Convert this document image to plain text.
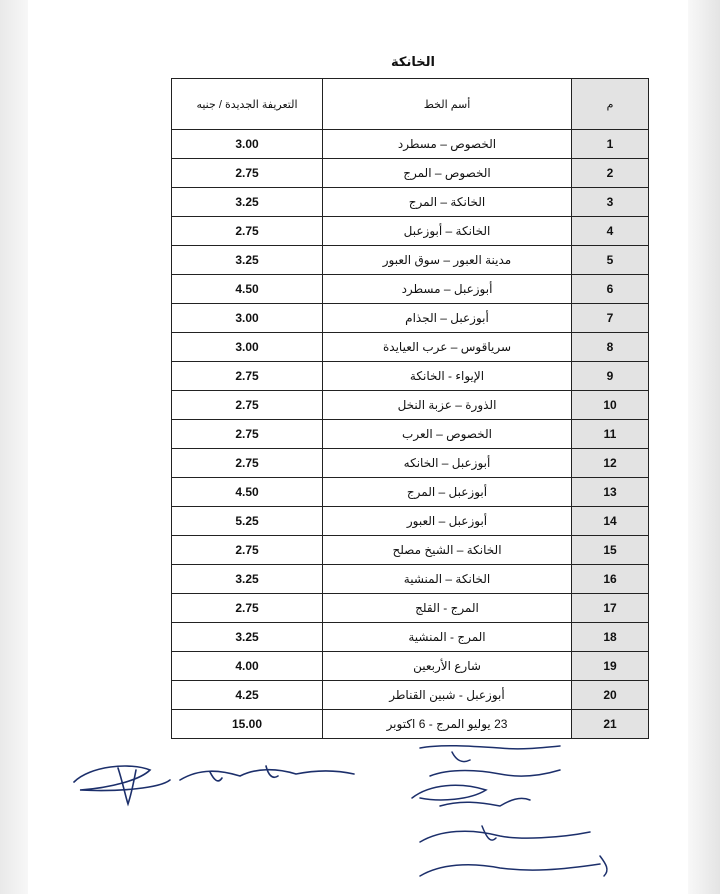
الخانكة
م	أسم الخط	التعريفة الجديدة / جنيه
1	الخصوص – مسطرد	3.00
2	الخصوص – المرج	2.75
3	الخانكة – المرج	3.25
4	الخانكة – أبوزعبل	2.75
5	مدينة العبور – سوق العبور	3.25
6	أبوزعبل – مسطرد	4.50
7	أبوزعبل – الجذام	3.00
8	سرياقوس – عرب العيايدة	3.00
9	الإيواء - الخانكة	2.75
10	الذورة – عزبة النخل	2.75
11	الخصوص – العرب	2.75
12	أبوزعبل – الخانكه	2.75
13	أبوزعبل – المرج	4.50
14	أبوزعبل – العبور	5.25
15	الخانكة – الشيخ مصلح	2.75
16	الخانكة – المنشية	3.25
17	المرج - القلج	2.75
18	المرج - المنشية	3.25
19	شارع الأربعين	4.00
20	أبوزعبل - شبين القناطر	4.25
21	23 يوليو المرج - 6 اكتوبر	15.00
